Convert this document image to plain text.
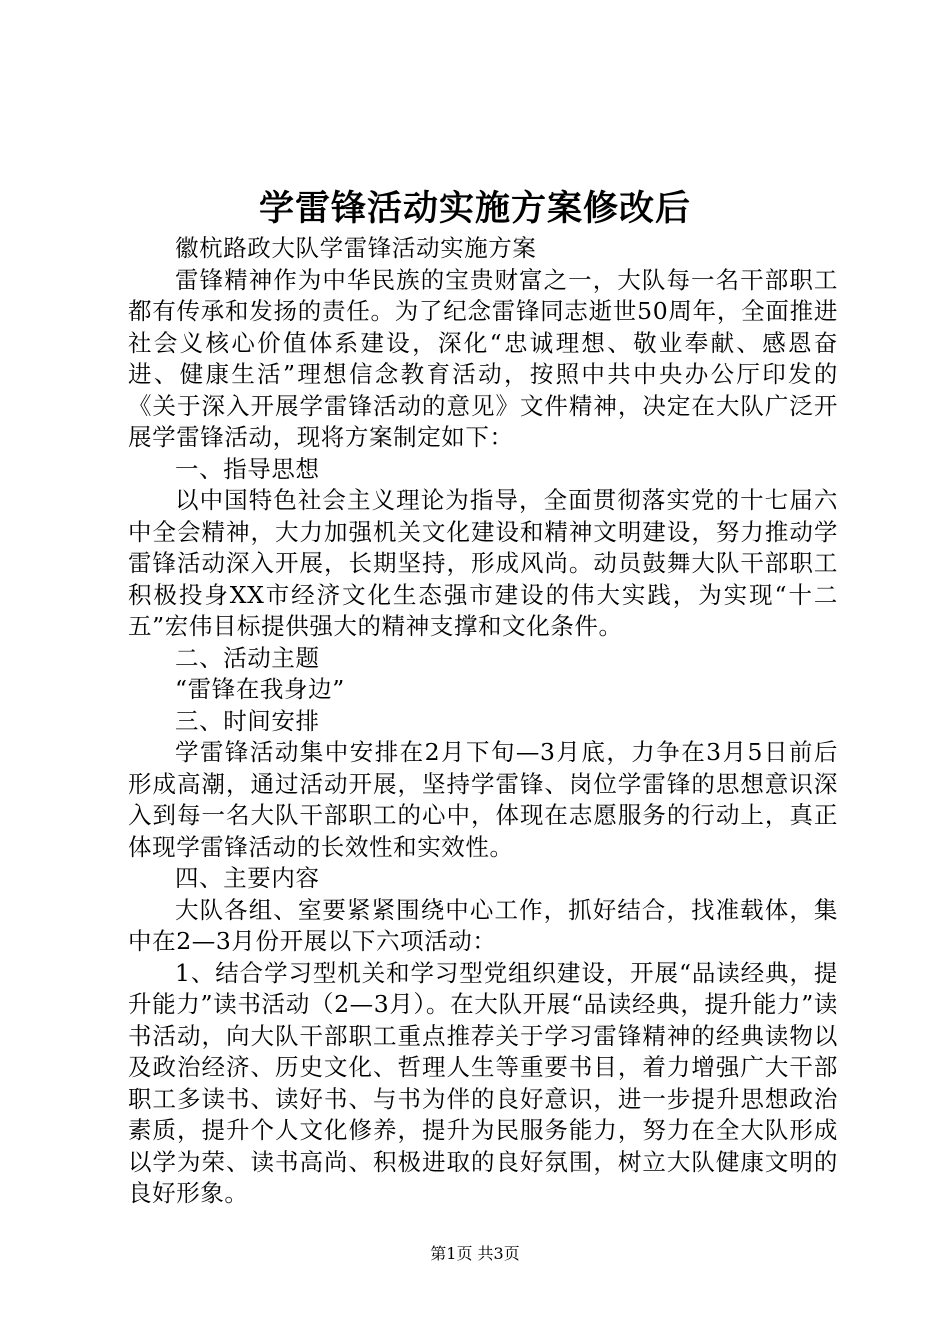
学雷锋活动实施方案修改后

徽杭路政大队学雷锋活动实施方案

雷锋精神作为中华民族的宝贵财富之一，大队每一名干部职工都有传承和发扬的责任。为了纪念雷锋同志逝世50周年，全面推进社会义核心价值体系建设，深化“忠诚理想、敬业奉献、感恩奋进、健康生活”理想信念教育活动，按照中共中央办公厅印发的《关于深入开展学雷锋活动的意见》文件精神，决定在大队广泛开展学雷锋活动，现将方案制定如下：

一、指导思想

以中国特色社会主义理论为指导，全面贯彻落实党的十七届六中全会精神，大力加强机关文化建设和精神文明建设，努力推动学雷锋活动深入开展，长期坚持，形成风尚。动员鼓舞大队干部职工积极投身XX市经济文化生态强市建设的伟大实践，为实现“十二五”宏伟目标提供强大的精神支撑和文化条件。

二、活动主题

“雷锋在我身边”

三、时间安排

学雷锋活动集中安排在2月下旬—3月底，力争在3月5日前后形成高潮，通过活动开展，坚持学雷锋、岗位学雷锋的思想意识深入到每一名大队干部职工的心中，体现在志愿服务的行动上，真正体现学雷锋活动的长效性和实效性。

四、主要内容

大队各组、室要紧紧围绕中心工作，抓好结合，找准载体，集中在2—3月份开展以下六项活动：

1、结合学习型机关和学习型党组织建设，开展“品读经典，提升能力”读书活动（2—3月）。在大队开展“品读经典，提升能力”读书活动，向大队干部职工重点推荐关于学习雷锋精神的经典读物以及政治经济、历史文化、哲理人生等重要书目，着力增强广大干部职工多读书、读好书、与书为伴的良好意识，进一步提升思想政治素质，提升个人文化修养，提升为民服务能力，努力在全大队形成以学为荣、读书高尚、积极进取的良好氛围，树立大队健康文明的良好形象。

第1页 共3页
